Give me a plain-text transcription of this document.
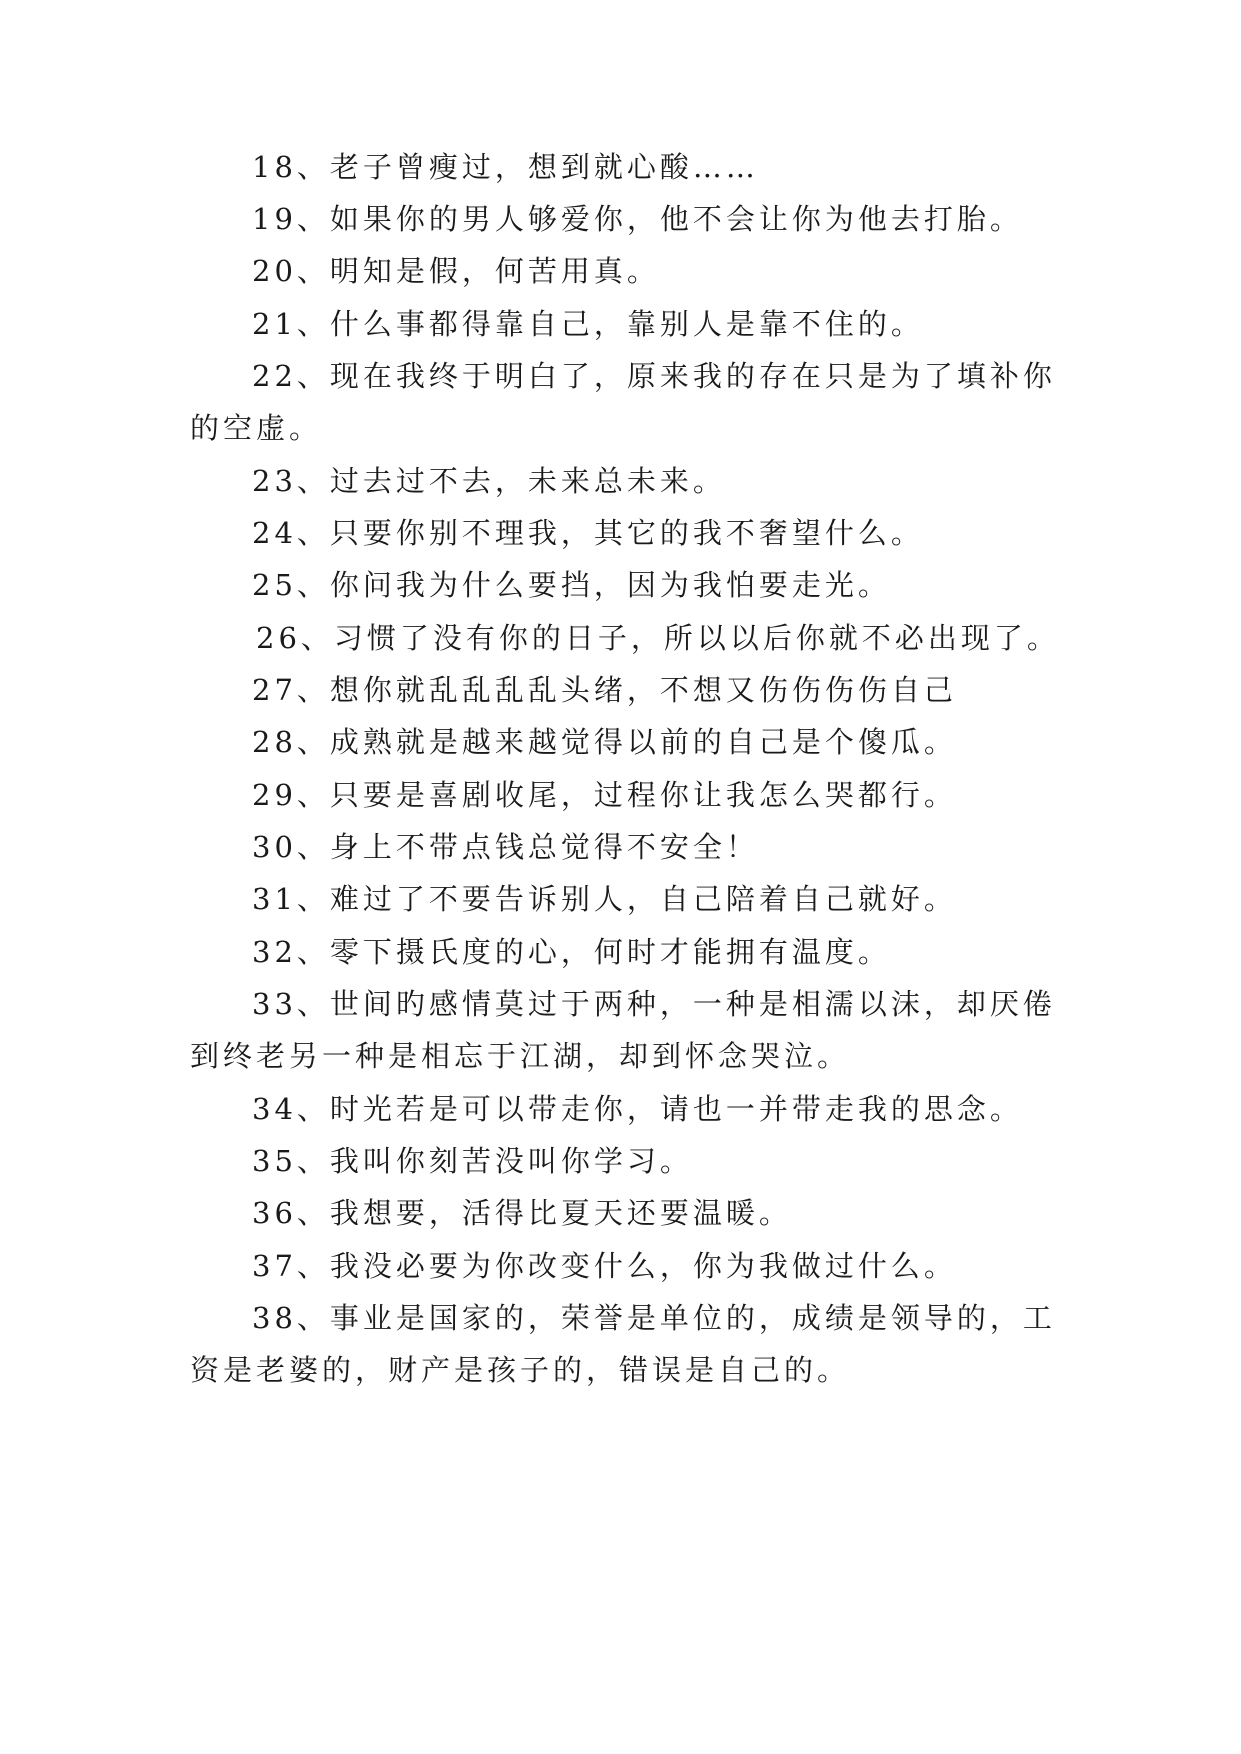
18、老子曾瘦过，想到就心酸……
19、如果你的男人够爱你，他不会让你为他去打胎。
20、明知是假，何苦用真。
21、什么事都得靠自己，靠别人是靠不住的。
22、现在我终于明白了，原来我的存在只是为了填补你
的空虚。
23、过去过不去，未来总未来。
24、只要你别不理我，其它的我不奢望什么。
25、你问我为什么要挡，因为我怕要走光。
26、习惯了没有你的日子，所以以后你就不必出现了。
27、想你就乱乱乱乱头绪，不想又伤伤伤伤自己
28、成熟就是越来越觉得以前的自己是个傻瓜。
29、只要是喜剧收尾，过程你让我怎么哭都行。
30、身上不带点钱总觉得不安全！
31、难过了不要告诉别人，自己陪着自己就好。
32、零下摄氏度的心，何时才能拥有温度。
33、世间旳感情莫过于两种，一种是相濡以沫，却厌倦
到终老另一种是相忘于江湖，却到怀念哭泣。
34、时光若是可以带走你，请也一并带走我的思念。
35、我叫你刻苦没叫你学习。
36、我想要，活得比夏天还要温暖。
37、我没必要为你改变什么，你为我做过什么。
38、事业是国家的，荣誉是单位的，成绩是领导的，工
资是老婆的，财产是孩子的，错误是自己的。
